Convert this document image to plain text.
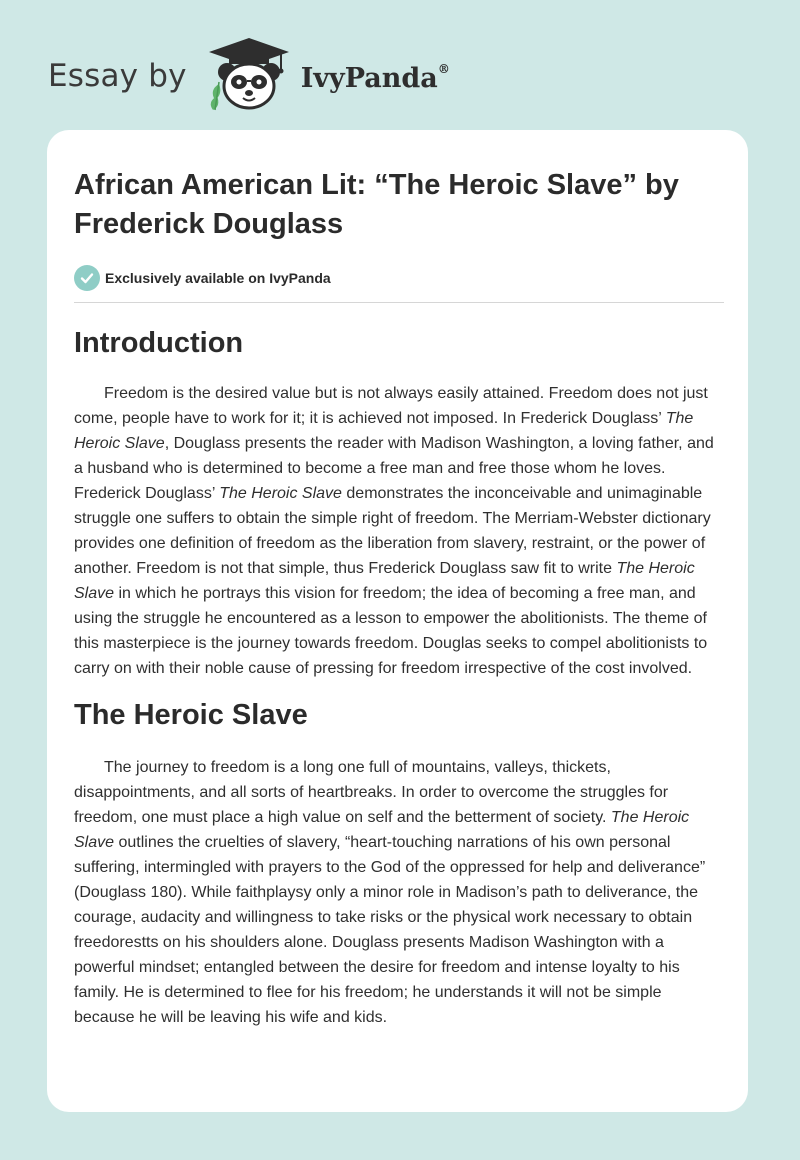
Essay by	IvyPanda®
African American Lit: “The Heroic Slave” by Frederick Douglass
Exclusively available on IvyPanda
Introduction

Freedom is the desired value but is not always easily attained. Freedom does not just come, people have to work for it; it is achieved not imposed. In Frederick Douglass’ The Heroic Slave, Douglass presents the reader with Madison Washington, a loving father, and a husband who is determined to become a free man and free those whom he loves. Frederick Douglass’ The Heroic Slave demonstrates the inconceivable and unimaginable struggle one suffers to obtain the simple right of freedom. The Merriam-Webster dictionary provides one definition of freedom as the liberation from slavery, restraint, or the power of another. Freedom is not that simple, thus Frederick Douglass saw fit to write The Heroic Slave in which he portrays this vision for freedom; the idea of becoming a free man, and using the struggle he encountered as a lesson to empower the abolitionists. The theme of this masterpiece is the journey towards freedom. Douglas seeks to compel abolitionists to carry on with their noble cause of pressing for freedom irrespective of the cost involved.

The Heroic Slave

The journey to freedom is a long one full of mountains, valleys, thickets, disappointments, and all sorts of heartbreaks. In order to overcome the struggles for freedom, one must place a high value on self and the betterment of society. The Heroic Slave outlines the cruelties of slavery, “heart-touching narrations of his own personal suffering, intermingled with prayers to the God of the oppressed for help and deliverance” (Douglass 180). While faithplaysy only a minor role in Madison’s path to deliverance, the courage, audacity and willingness to take risks or the physical work necessary to obtain freedorestts on his shoulders alone. Douglass presents Madison Washington with a powerful mindset; entangled between the desire for freedom and intense loyalty to his family. He is determined to flee for his freedom; he understands it will not be simple because he will be leaving his wife and kids.
